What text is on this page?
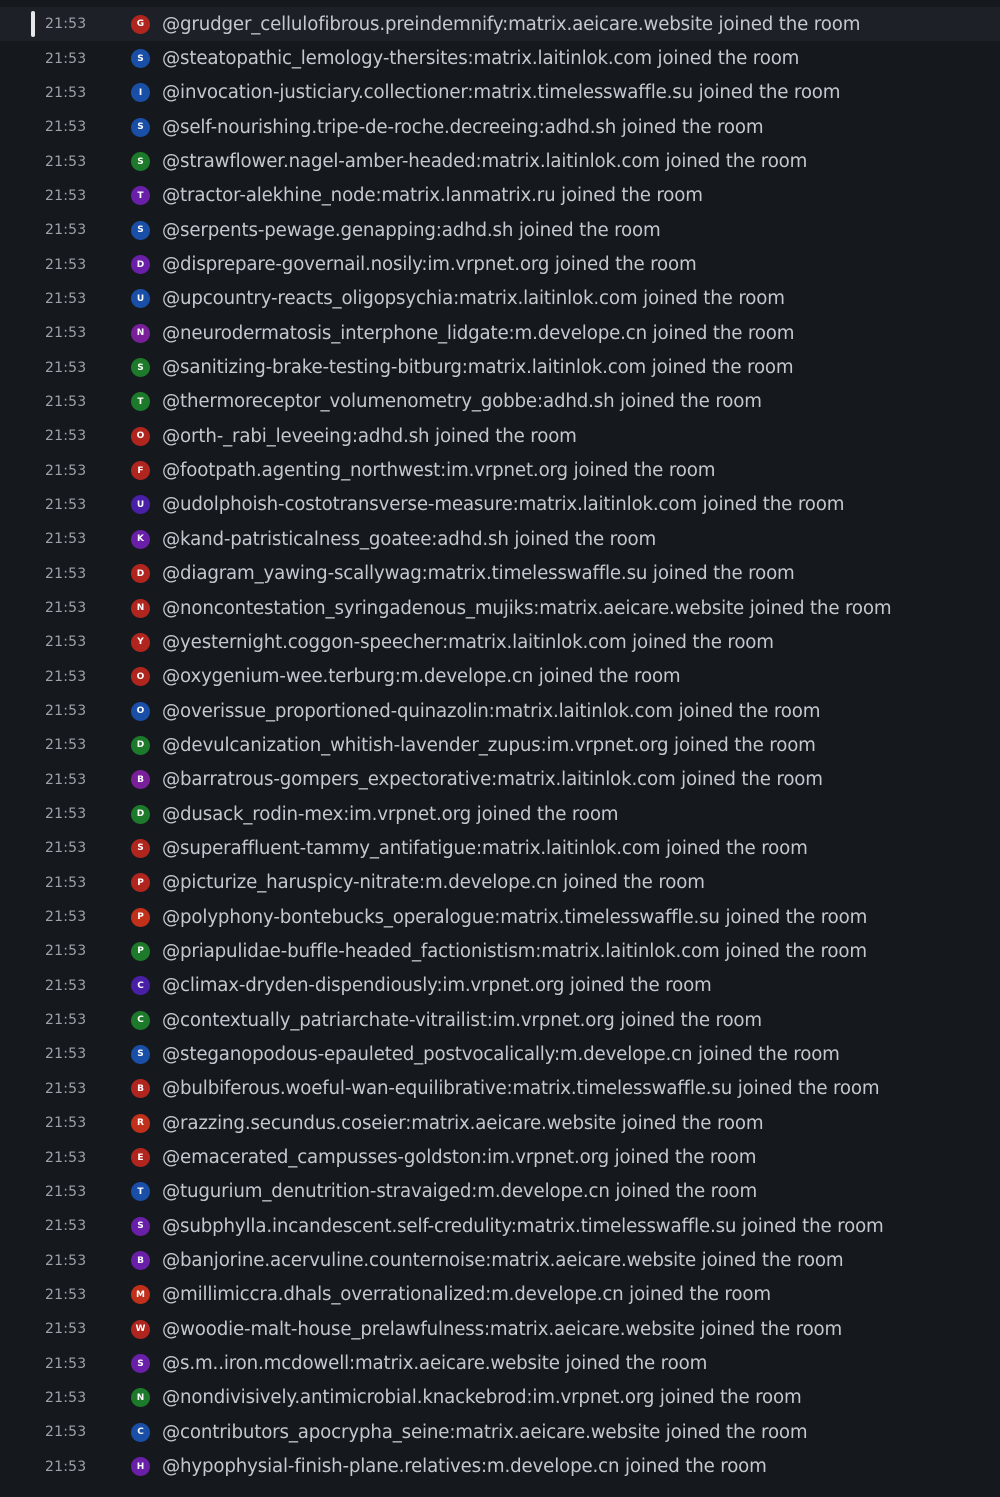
21:53	G @grudger_cellulofibrous.preindemnify:matrix.aeicare.website joined the room
21:53	S	@steatopathic_lemology-thersites:matrix.laitinlok.com joined the room
21:53	I	@invocation-justiciary.collectioner:matrix.timelesswaffle.su joined the room
21:53	S	@self-nourishing.tripe-de-roche.decreeing:adhd.sh joined the room
21:53	S	@strawflower.nagel-amber-headed:matrix.laitinlok.com joined the room
21:53	T	@tractor-alekhine_node:matrix.lanmatrix.ru joined the room
21:53	S	@serpents-pewage.genapping:adhd.sh joined the room
21:53	D @disprepare-governail.nosily:im.vrpnet.org joined the room
21:53	U @upcountry-reacts_oligopsychia:matrix.laitinlok.com joined the room
21:53	N @neurodermatosis_interphone_lidgate:m.develope.cn joined the room
21:53	S	@sanitizing-brake-testing-bitburg:matrix.laitinlok.com joined the room
21:53	T	@thermoreceptor_volumenometry_gobbe:adhd.sh joined the room
21:53	O @orth-_rabi_leveeing:adhd.sh joined the room
21:53	F	@footpath.agenting_northwest:im.vrpnet.org joined the room
21:53	U @udolphoish-costotransverse-measure:matrix.laitinlok.com joined the room
21:53	K @kand-patristicalness_goatee:adhd.sh joined the room
21:53	D @diagram_yawing-scallywag:matrix.timelesswaffle.su joined the room
21:53	N @noncontestation_syringadenous_mujiks:matrix.aeicare.website joined the room
21:53	Y	@yesternight.coggon-speecher:matrix.laitinlok.com joined the room
21:53	O @oxygenium-wee.terburg:m.develope.cn joined the room
21:53	O @overissue_proportioned-quinazolin:matrix.laitinlok.com joined the room
21:53	D @devulcanization_whitish-lavender_zupus:im.vrpnet.org joined the room
21:53	B @barratrous-gompers_expectorative:matrix.laitinlok.com joined the room
21:53	D @dusack_rodin-mex:im.vrpnet.org joined the room
21:53	S	@superaffluent-tammy_antifatigue:matrix.laitinlok.com joined the room
21:53	P	@picturize_haruspicy-nitrate:m.develope.cn joined the room
21:53	P	@polyphony-bontebucks_operalogue:matrix.timelesswaffle.su joined the room
21:53	P	@priapulidae-buffle-headed_factionistism:matrix.laitinlok.com joined the room
21:53	C	@climax-dryden-dispendiously:im.vrpnet.org joined the room
21:53	C	@contextually_patriarchate-vitrailist:im.vrpnet.org joined the room
21:53	S	@steganopodous-epauleted_postvocalically:m.develope.cn joined the room
21:53	B @bulbiferous.woeful-wan-equilibrative:matrix.timelesswaffle.su joined the room
21:53	R @razzing.secundus.coseier:matrix.aeicare.website joined the room
21:53	E	@emacerated_campusses-goldston:im.vrpnet.org joined the room
21:53	T	@tugurium_denutrition-stravaiged:m.develope.cn joined the room
21:53	S	@subphylla.incandescent.self-credulity:matrix.timelesswaffle.su joined the room
21:53	B @banjorine.acervuline.counternoise:matrix.aeicare.website joined the room
21:53	M @millimiccra.dhals_overrationalized:m.develope.cn joined the room
21:53	W @woodie-malt-house_prelawfulness:matrix.aeicare.website joined the room
21:53	S	@s.m..iron.mcdowell:matrix.aeicare.website joined the room
21:53	N @nondivisively.antimicrobial.knackebrod:im.vrpnet.org joined the room
21:53	C	@contributors_apocrypha_seine:matrix.aeicare.website joined the room
21:53	H @hypophysial-finish-plane.relatives:m.develope.cn joined the room
